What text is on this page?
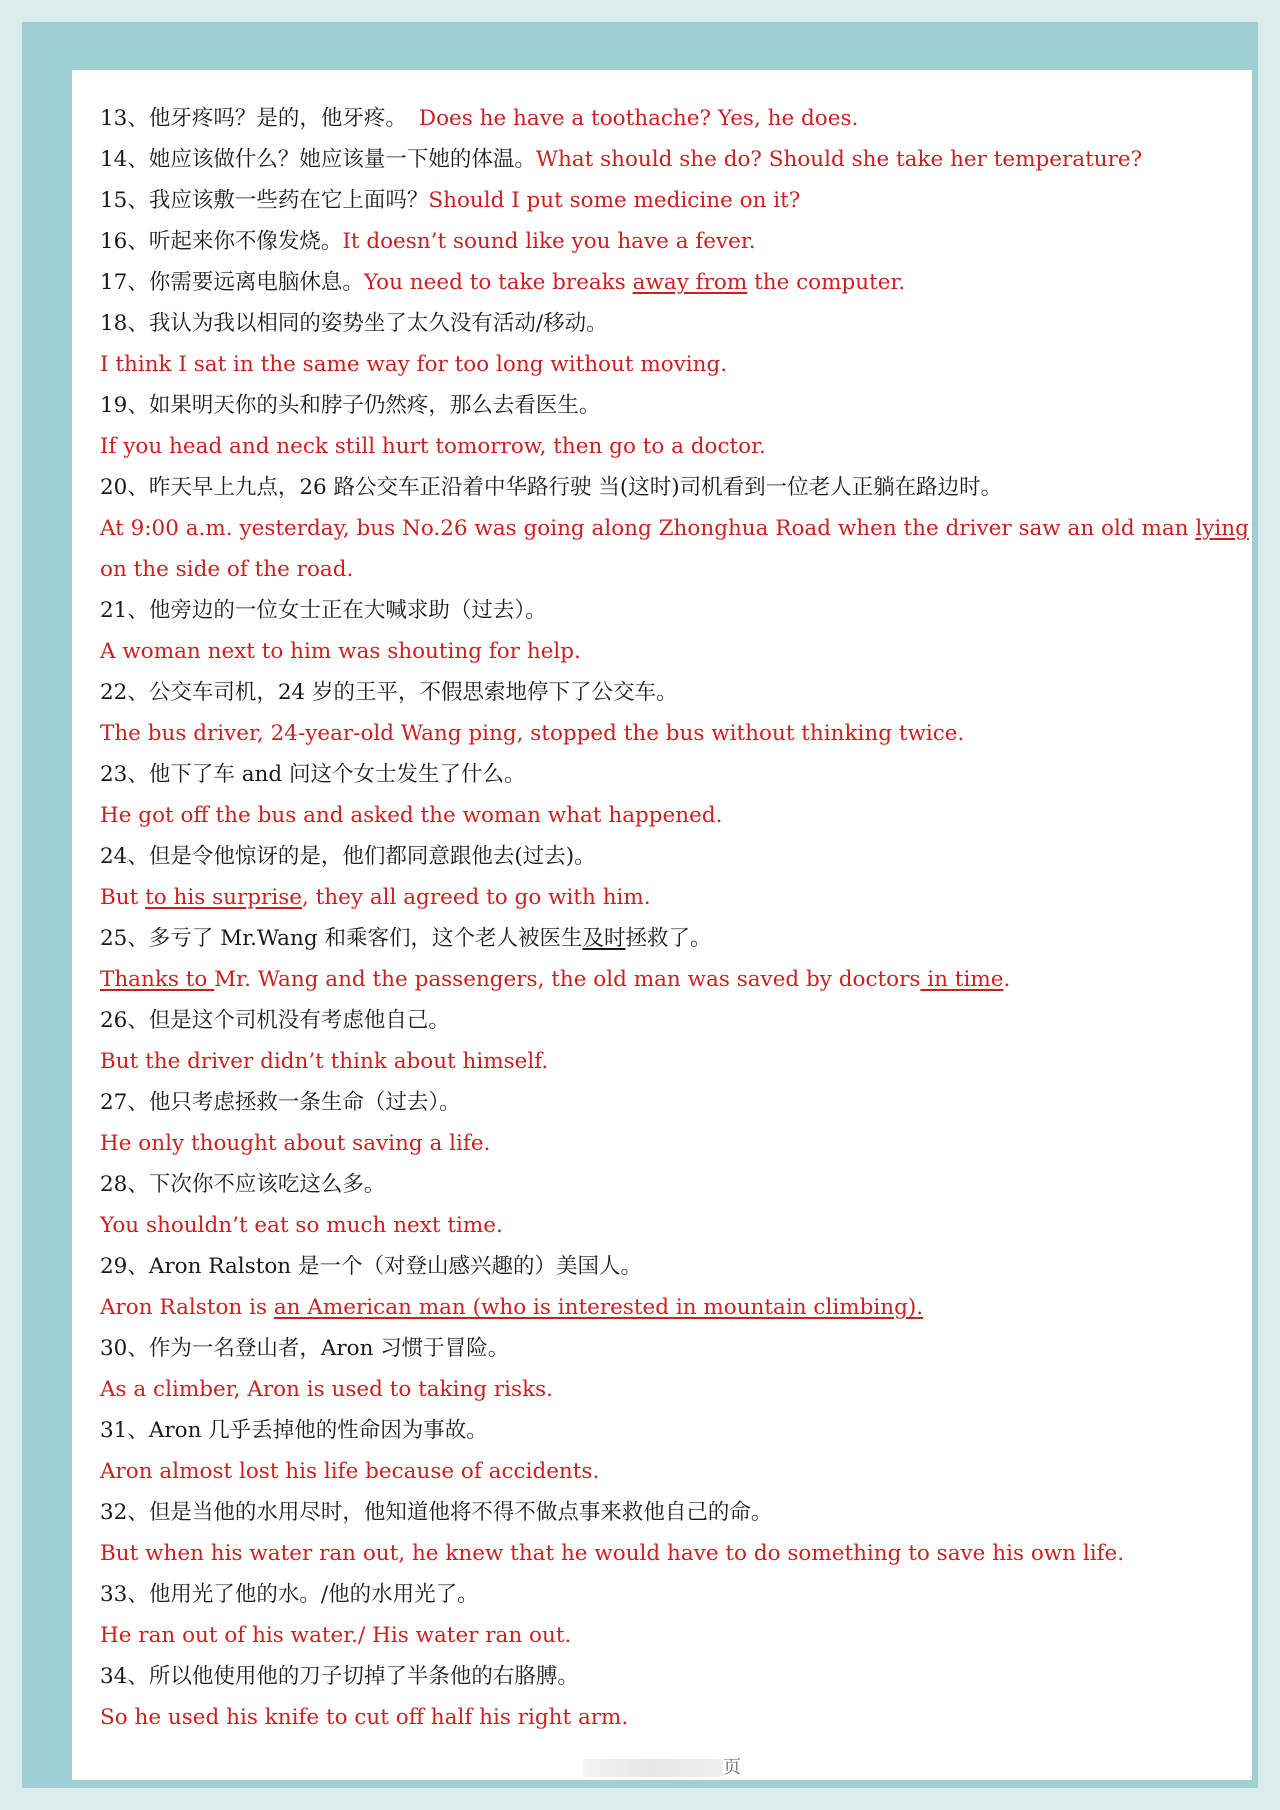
13、他牙疼吗？是的，他牙疼。 Does he have a toothache? Yes, he does.
14、她应该做什么？她应该量一下她的体温。What should she do? Should she take her temperature?
15、我应该敷一些药在它上面吗？Should I put some medicine on it?
16、听起来你不像发烧。It doesn’t sound like you have a fever.
17、你需要远离电脑休息。You need to take breaks away from the computer.
18、我认为我以相同的姿势坐了太久没有活动/移动。
I think I sat in the same way for too long without moving.
19、如果明天你的头和脖子仍然疼，那么去看医生。
If you head and neck still hurt tomorrow, then go to a doctor.
20、昨天早上九点，26 路公交车正沿着中华路行驶 当(这时)司机看到一位老人正躺在路边时。
At 9:00 a.m. yesterday, bus No.26 was going along Zhonghua Road when the driver saw an old man lying
on the side of the road.
21、他旁边的一位女士正在大喊求助（过去）。
A woman next to him was shouting for help.
22、公交车司机，24 岁的王平，不假思索地停下了公交车。
The bus driver, 24-year-old Wang ping, stopped the bus without thinking twice.
23、他下了车 and 问这个女士发生了什么。
He got off the bus and asked the woman what happened.
24、但是令他惊讶的是，他们都同意跟他去(过去)。
But to his surprise, they all agreed to go with him.
25、多亏了 Mr.Wang 和乘客们，这个老人被医生及时拯救了。
Thanks to Mr. Wang and the passengers, the old man was saved by doctors in time.
26、但是这个司机没有考虑他自己。
But the driver didn’t think about himself.
27、他只考虑拯救一条生命（过去）。
He only thought about saving a life.
28、下次你不应该吃这么多。
You shouldn’t eat so much next time.
29、Aron Ralston 是一个（对登山感兴趣的）美国人。
Aron Ralston is an American man (who is interested in mountain climbing).
30、作为一名登山者，Aron 习惯于冒险。
As a climber, Aron is used to taking risks.
31、Aron 几乎丢掉他的性命因为事故。
Aron almost lost his life because of accidents.
32、但是当他的水用尽时，他知道他将不得不做点事来救他自己的命。
But when his water ran out, he knew that he would have to do something to save his own life.
33、他用光了他的水。/他的水用光了。
He ran out of his water./ His water ran out.
34、所以他使用他的刀子切掉了半条他的右胳膊。
So he used his knife to cut off half his right arm.
页
